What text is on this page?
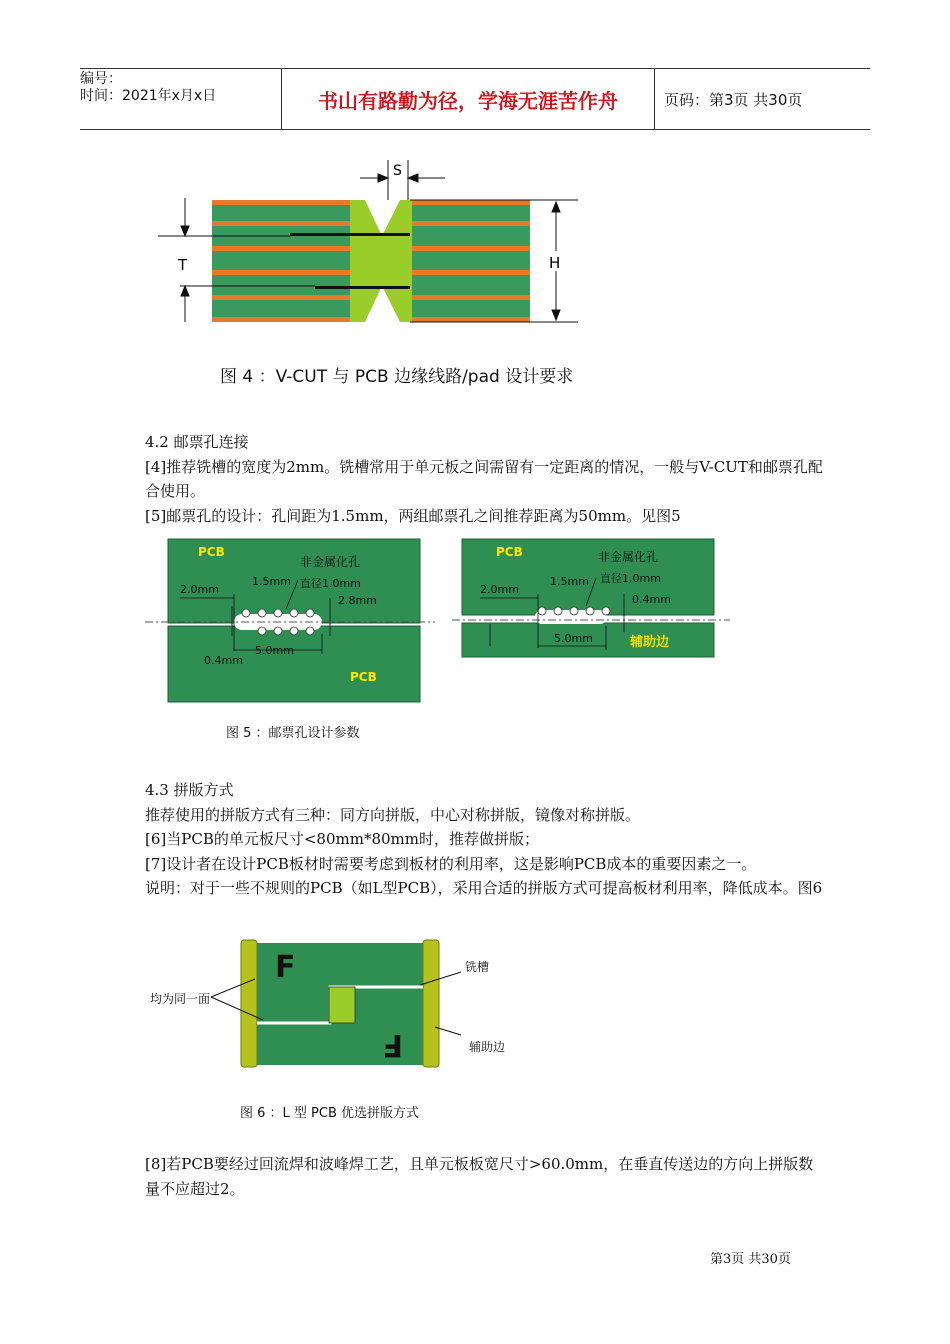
编号：
时间：2021年x月x日	书山有路勤为径，学海无涯苦作舟	页码：第3页 共30页
T	H
S
图 4 ：V-CUT 与 PCB 边缘线路/pad 设计要求
4.2 邮票孔连接
[4]推荐铣槽的宽度为2mm。铣槽常用于单元板之间需留有一定距离的情况，一般与V-CUT和邮票孔配合使用。
[5]邮票孔的设计：孔间距为1.5mm，两组邮票孔之间推荐距离为50mm。见图5
PCB
PCB
非金属化孔
2.0mm
1.5mm 直径1.0mm
2.8mm
0.4mm
5.0mm
PCB	非金属化孔
2.0mm
1.5mm 直径1.0mm
0.4mm
5.0mm	辅助边
图 5 ：邮票孔设计参数
4.3 拼版方式
推荐使用的拼版方式有三种：同方向拼版，中心对称拼版，镜像对称拼版。
[6]当PCB的单元板尺寸<80mm*80mm时，推荐做拼版；
[7]设计者在设计PCB板材时需要考虑到板材的利用率，这是影响PCB成本的重要因素之一。
说明：对于一些不规则的PCB（如L型PCB），采用合适的拼版方式可提高板材利用率，降低成本。图6
F
F
均为同一面
铣槽
辅助边
图 6 ：L 型 PCB 优选拼版方式
[8]若PCB要经过回流焊和波峰焊工艺，且单元板板宽尺寸>60.0mm，在垂直传送边的方向上拼版数量不应超过2。
第3页 共30页
